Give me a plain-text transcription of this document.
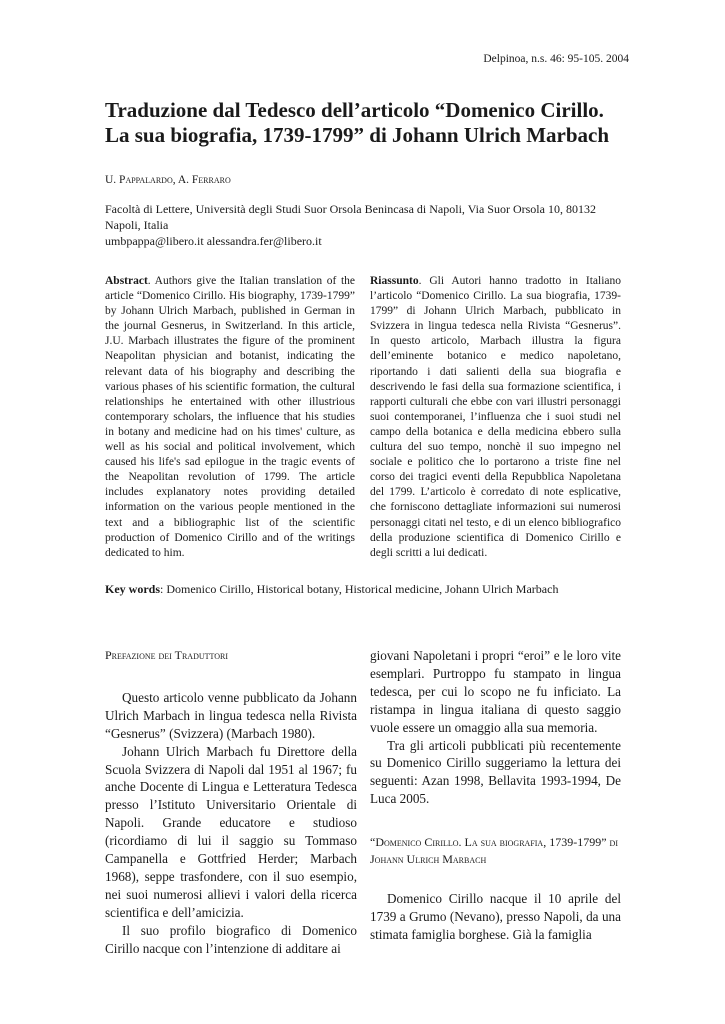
Delpinoa, n.s. 46: 95-105. 2004
Traduzione dal Tedesco dell’articolo “Domenico Cirillo.
La sua biografia, 1739-1799” di Johann Ulrich Marbach
U. Pappalardo, A. Ferraro
Facoltà di Lettere, Università degli Studi Suor Orsola Benincasa di Napoli, Via Suor Orsola 10, 80132
Napoli, Italia
umbpappa@libero.it alessandra.fer@libero.it

Abstract. Authors give the Italian translation of the article “Domenico Cirillo. His biography, 1739-1799” by Johann Ulrich Marbach, published in German in the journal Gesnerus, in Switzerland. In this article, J.U. Marbach illustrates the figure of the prominent Neapolitan physician and botanist, indicating the relevant data of his biography and describing the various phases of his scientific formation, the cultural relationships he entertained with other illustrious contemporary scholars, the influence that his studies in botany and medicine had on his times' culture, as well as his social and political involvement, which caused his life's sad epilogue in the tragic events of the Neapolitan revolution of 1799. The article includes explanatory notes providing detailed information on the various people mentioned in the text and a bibliographic list of the scientific production of Domenico Cirillo and of the writings dedicated to him.

Riassunto. Gli Autori hanno tradotto in Italiano l’articolo “Domenico Cirillo. La sua biografia, 1739-1799” di Johann Ulrich Marbach, pubblicato in Svizzera in lingua tedesca nella Rivista “Gesnerus”. In questo articolo, Marbach illustra la figura dell’eminente botanico e medico napoletano, riportando i dati salienti della sua biografia e descrivendo le fasi della sua formazione scientifica, i rapporti culturali che ebbe con vari illustri personaggi suoi contemporanei, l’influenza che i suoi studi nel campo della botanica e della medicina ebbero sulla cultura del suo tempo, nonchè il suo impegno nel sociale e politico che lo portarono a triste fine nel corso dei tragici eventi della Repubblica Napoletana del 1799. L’articolo è corredato di note esplicative, che forniscono dettagliate informazioni sui numerosi personaggi citati nel testo, e di un elenco bibliografico della produzione scientifica di Domenico Cirillo e degli scritti a lui dedicati.

Key words: Domenico Cirillo, Historical botany, Historical medicine, Johann Ulrich Marbach
Prefazione dei Traduttori

Questo articolo venne pubblicato da Johann Ulrich Marbach in lingua tedesca nella Rivista “Gesnerus” (Svizzera) (Marbach 1980).

Johann Ulrich Marbach fu Direttore della Scuola Svizzera di Napoli dal 1951 al 1967; fu anche Docente di Lingua e Letteratura Tedesca presso l’Istituto Universitario Orientale di Napoli. Grande educatore e studioso (ricordiamo di lui il saggio su Tommaso Campanella e Gottfried Herder; Marbach 1968), seppe trasfondere, con il suo esempio, nei suoi numerosi allievi i valori della ricerca scientifica e dell’amicizia.

Il suo profilo biografico di Domenico Cirillo nacque con l’intenzione di additare ai

giovani Napoletani i propri “eroi” e le loro vite esemplari. Purtroppo fu stampato in lingua tedesca, per cui lo scopo ne fu inficiato. La ristampa in lingua italiana di questo saggio vuole essere un omaggio alla sua memoria.

Tra gli articoli pubblicati più recentemente su Domenico Cirillo suggeriamo la lettura dei seguenti: Azan 1998, Bellavita 1993-1994, De Luca 2005.

“Domenico Cirillo. La sua biografia, 1739-1799” di Johann Ulrich Marbach

Domenico Cirillo nacque il 10 aprile del 1739 a Grumo (Nevano), presso Napoli, da una stimata famiglia borghese. Già la famiglia
